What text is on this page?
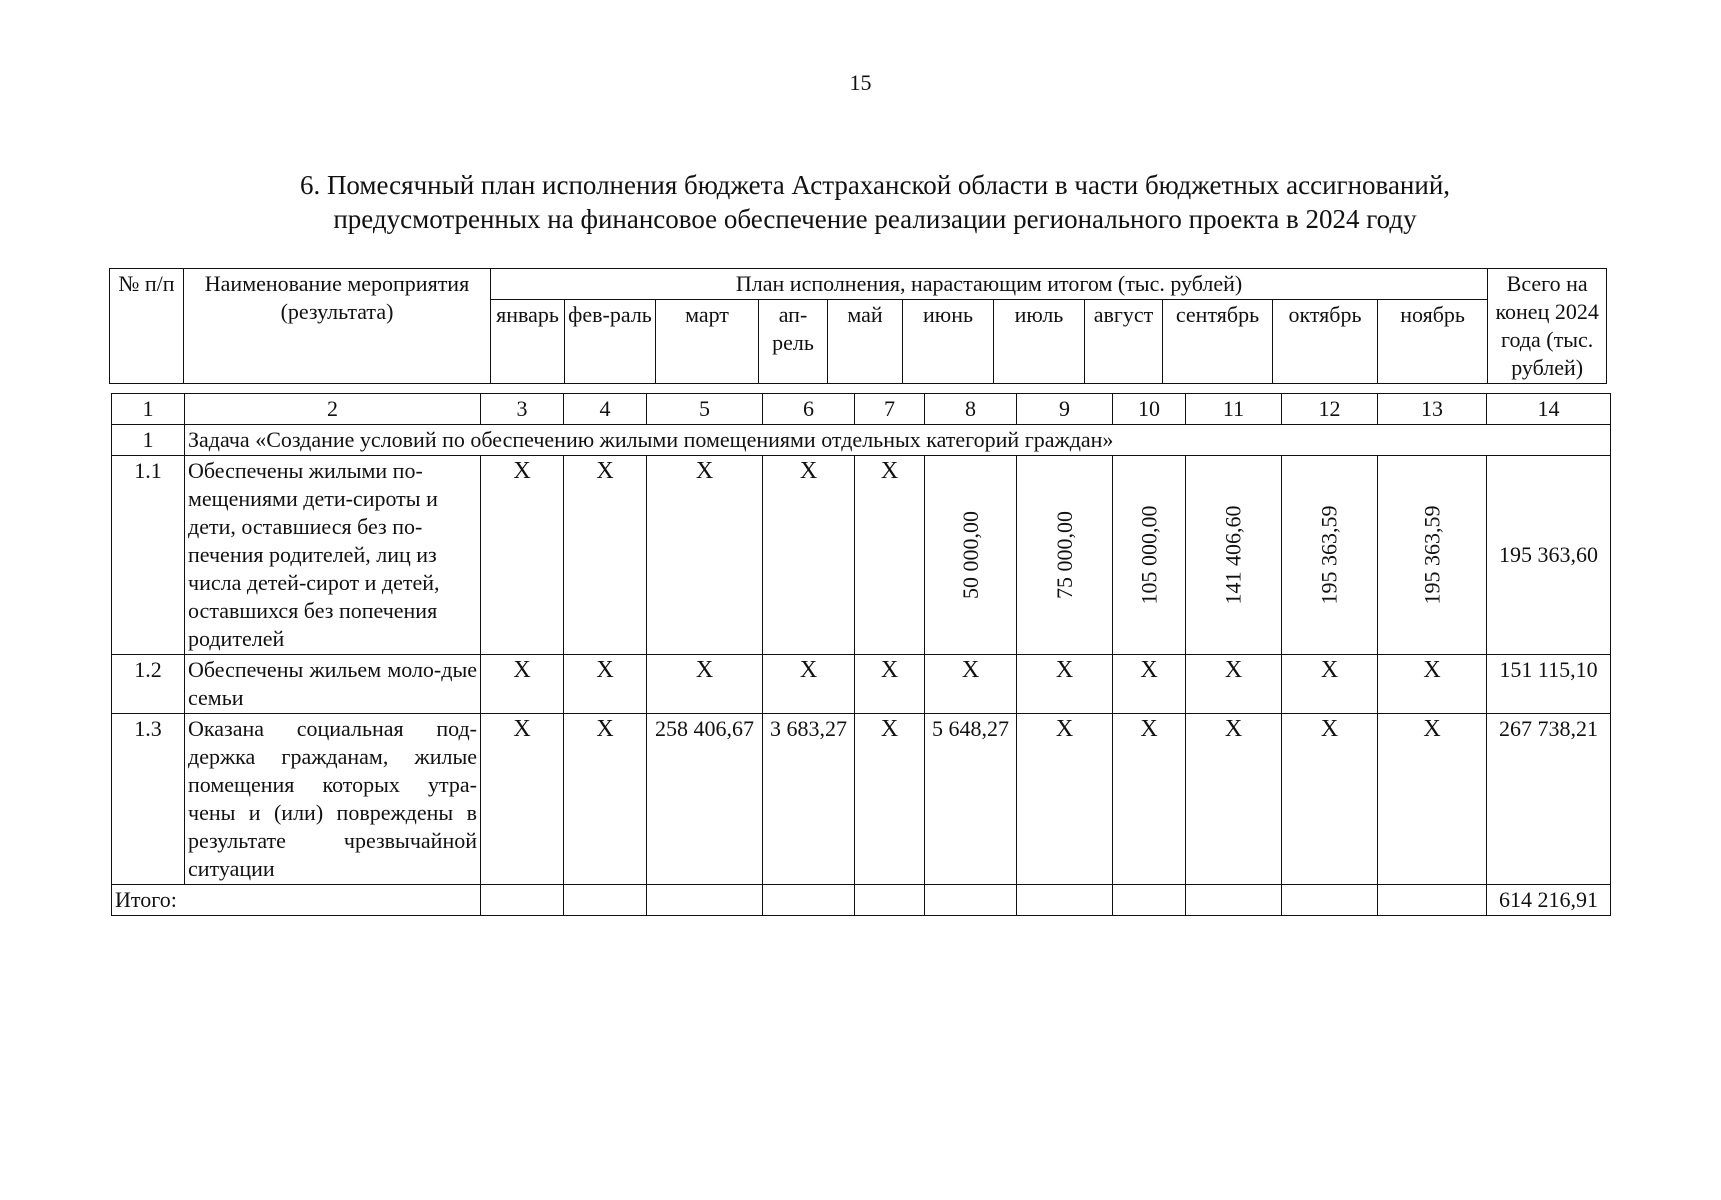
15
6. Помесячный план исполнения бюджета Астраханской области в части бюджетных ассигнований,
предусмотренных на финансовое обеспечение реализации регионального проекта в 2024 году
№ п/п	Наименование мероприятия (результата)	План исполнения, нарастающим итогом (тыс. рублей)											Всего на конец 2024 года (тыс. рублей)
		январь	фев-раль	март	ап-рель	май	июнь	июль	август	сентябрь	октябрь	ноябрь	
1	2	3	4	5	6	7	8	9	10	11	12	13	14
1	Задача «Создание условий по обеспечению жилыми помещениями отдельных категорий граждан»												
1.1	Обеспечены жилыми по-мещениями дети-сироты и дети, оставшиеся без по-печения родителей, лиц из числа детей-сирот и детей, оставшихся без попечения родителей	X	X	X	X	X	50 000,00	75 000,00	105 000,00	141 406,60	195 363,59	195 363,59	195 363,60
1.2	Обеспечены жильем моло-дые семьи	X	X	X	X	X	X	X	X	X	X	X	151 115,10
1.3	Оказана социальная под-держка гражданам, жилые помещения которых утра-чены и (или) повреждены в результате чрезвычайной ситуации	X	X	258 406,67	3 683,27	X	5 648,27	X	X	X	X	X	267 738,21
Итого:													614 216,91
